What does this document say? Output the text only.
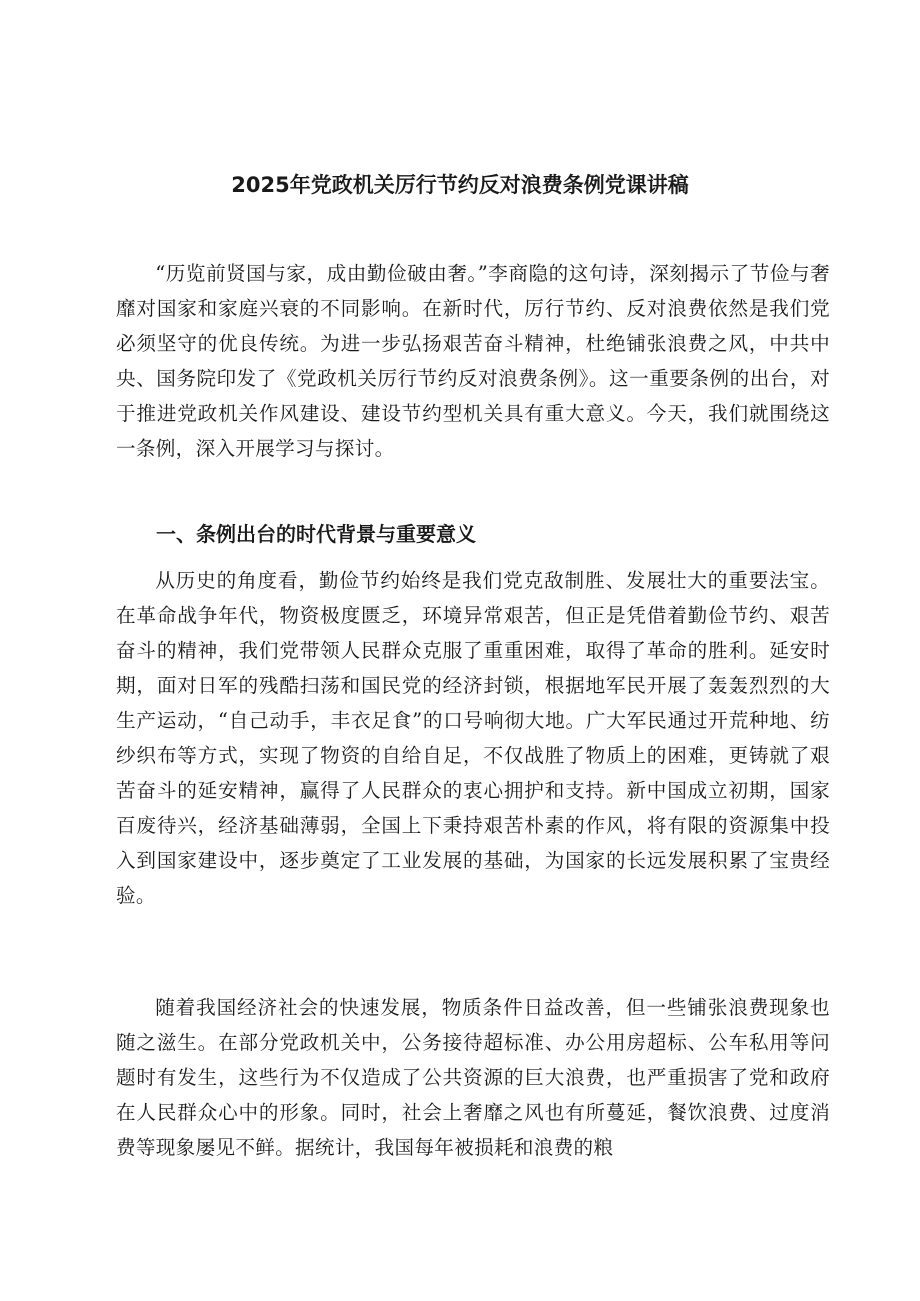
2025年党政机关厉行节约反对浪费条例党课讲稿

“历览前贤国与家，成由勤俭破由奢。”李商隐的这句诗，深刻揭示了节俭与奢靡对国家和家庭兴衰的不同影响。在新时代，厉行节约、反对浪费依然是我们党必须坚守的优良传统。为进一步弘扬艰苦奋斗精神，杜绝铺张浪费之风，中共中央、国务院印发了《党政机关厉行节约反对浪费条例》。这一重要条例的出台，对于推进党政机关作风建设、建设节约型机关具有重大意义。今天，我们就围绕这一条例，深入开展学习与探讨。

一、条例出台的时代背景与重要意义

从历史的角度看，勤俭节约始终是我们党克敌制胜、发展壮大的重要法宝。在革命战争年代，物资极度匮乏，环境异常艰苦，但正是凭借着勤俭节约、艰苦奋斗的精神，我们党带领人民群众克服了重重困难，取得了革命的胜利。延安时期，面对日军的残酷扫荡和国民党的经济封锁，根据地军民开展了轰轰烈烈的大生产运动，“自己动手，丰衣足食”的口号响彻大地。广大军民通过开荒种地、纺纱织布等方式，实现了物资的自给自足，不仅战胜了物质上的困难，更铸就了艰苦奋斗的延安精神，赢得了人民群众的衷心拥护和支持。新中国成立初期，国家百废待兴，经济基础薄弱，全国上下秉持艰苦朴素的作风，将有限的资源集中投入到国家建设中，逐步奠定了工业发展的基础，为国家的长远发展积累了宝贵经验。

随着我国经济社会的快速发展，物质条件日益改善，但一些铺张浪费现象也随之滋生。在部分党政机关中，公务接待超标准、办公用房超标、公车私用等问题时有发生，这些行为不仅造成了公共资源的巨大浪费，也严重损害了党和政府在人民群众心中的形象。同时，社会上奢靡之风也有所蔓延，餐饮浪费、过度消费等现象屡见不鲜。据统计，我国每年被损耗和浪费的粮
